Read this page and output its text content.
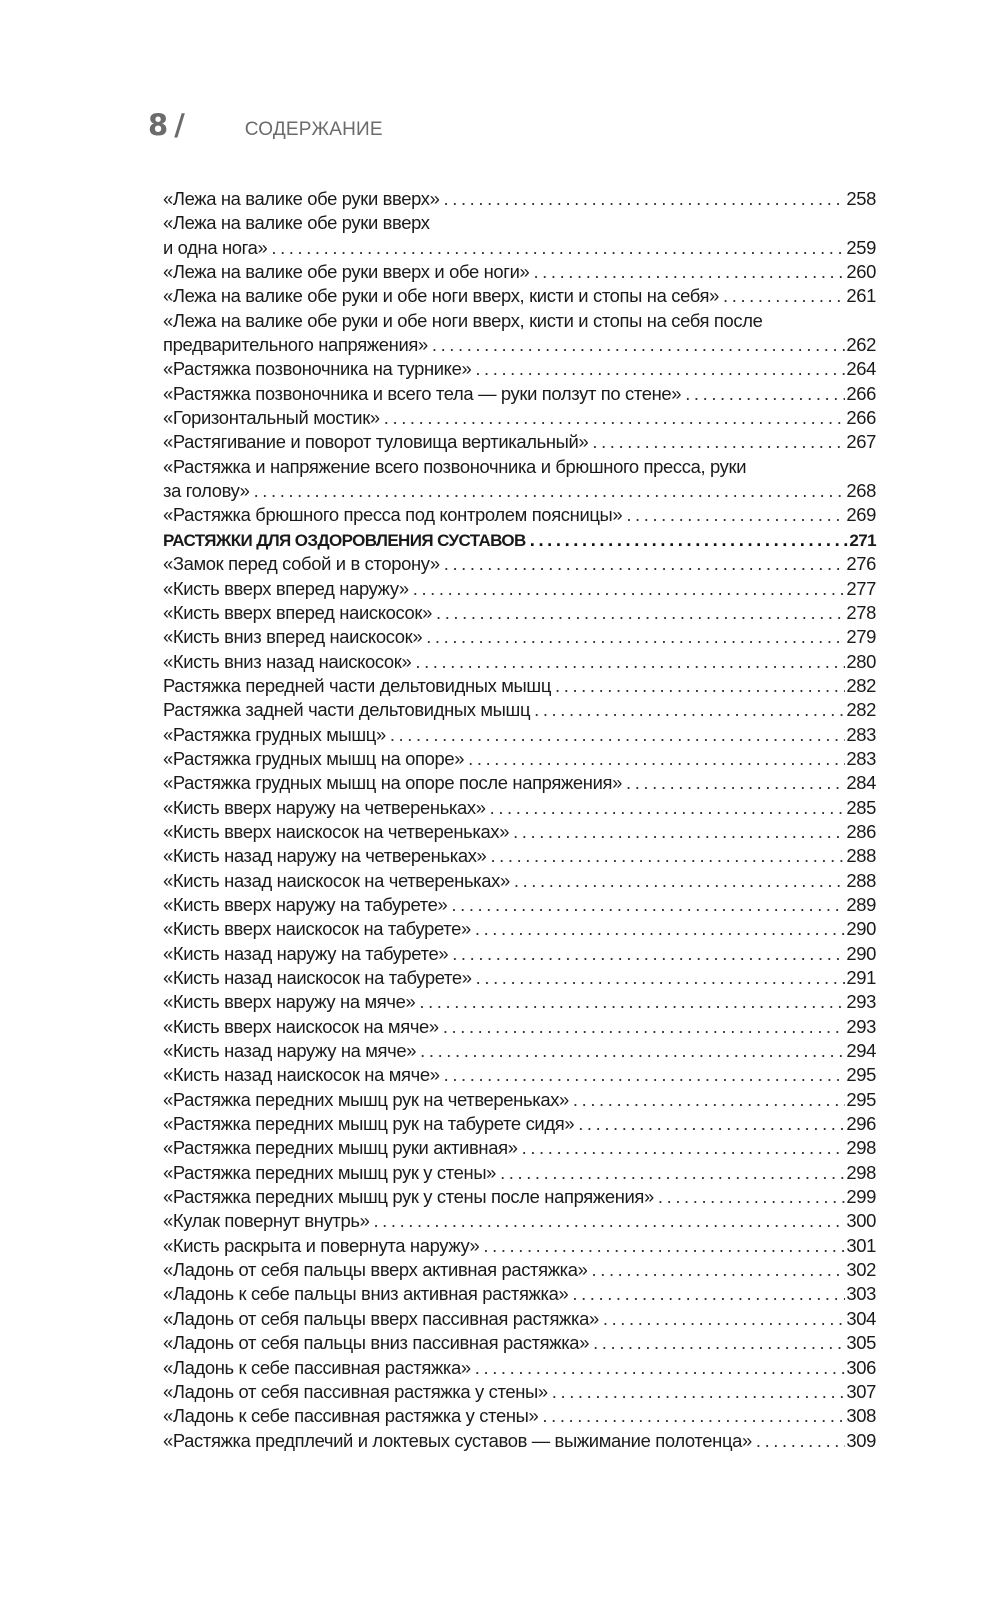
8 /	СОДЕРЖАНИЕ
«Лежа на валике обе руки вверх» .....	258
«Лежа на валике обе руки вверх
и одна нога» .....	259
«Лежа на валике обе руки вверх и обе ноги» .....	260
«Лежа на валике обе руки и обе ноги вверх, кисти и стопы на себя» .....	261
«Лежа на валике обе руки и обе ноги вверх, кисти и стопы на себя после
предварительного напряжения» .....	262
«Растяжка позвоночника на турнике» .....	264
«Растяжка позвоночника и всего тела — руки ползут по стене» .....	266
«Горизонтальный мостик» .....	266
«Растягивание и поворот туловища вертикальный» .....	267
«Растяжка и напряжение всего позвоночника и брюшного пресса, руки
за голову» .....	268
«Растяжка брюшного пресса под контролем поясницы» .....	269
РАСТЯЖКИ ДЛЯ ОЗДОРОВЛЕНИЯ СУСТАВОВ .....	271
«Замок перед собой и в сторону» .....	276
«Кисть вверх вперед наружу» .....	277
«Кисть вверх вперед наискосок» .....	278
«Кисть вниз вперед наискосок» .....	279
«Кисть вниз назад наискосок» .....	280
Растяжка передней части дельтовидных мышц .....	282
Растяжка задней части дельтовидных мышц .....	282
«Растяжка грудных мышц» .....	283
«Растяжка грудных мышц на опоре» .....	283
«Растяжка грудных мышц на опоре после напряжения» .....	284
«Кисть вверх наружу на четвереньках» .....	285
«Кисть вверх наискосок на четвереньках» .....	286
«Кисть назад наружу на четвереньках» .....	288
«Кисть назад наискосок на четвереньках» .....	288
«Кисть вверх наружу на табурете» .....	289
«Кисть вверх наискосок на табурете» .....	290
«Кисть назад наружу на табурете» .....	290
«Кисть назад наискосок на табурете» .....	291
«Кисть вверх наружу на мяче» .....	293
«Кисть вверх наискосок на мяче» .....	293
«Кисть назад наружу на мяче» .....	294
«Кисть назад наискосок на мяче» .....	295
«Растяжка передних мышц рук на четвереньках» .....	295
«Растяжка передних мышц рук на табурете сидя» .....	296
«Растяжка передних мышц руки активная» .....	298
«Растяжка передних мышц рук у стены» .....	298
«Растяжка передних мышц рук у стены после напряжения» .....	299
«Кулак повернут внутрь» .....	300
«Кисть раскрыта и повернута наружу» .....	301
«Ладонь от себя пальцы вверх активная растяжка» .....	302
«Ладонь к себе пальцы вниз активная растяжка» .....	303
«Ладонь от себя пальцы вверх пассивная растяжка» .....	304
«Ладонь от себя пальцы вниз пассивная растяжка» .....	305
«Ладонь к себе пассивная растяжка» .....	306
«Ладонь от себя пассивная растяжка у стены» .....	307
«Ладонь к себе пассивная растяжка у стены» .....	308
«Растяжка предплечий и локтевых суставов — выжимание полотенца» .....	309
